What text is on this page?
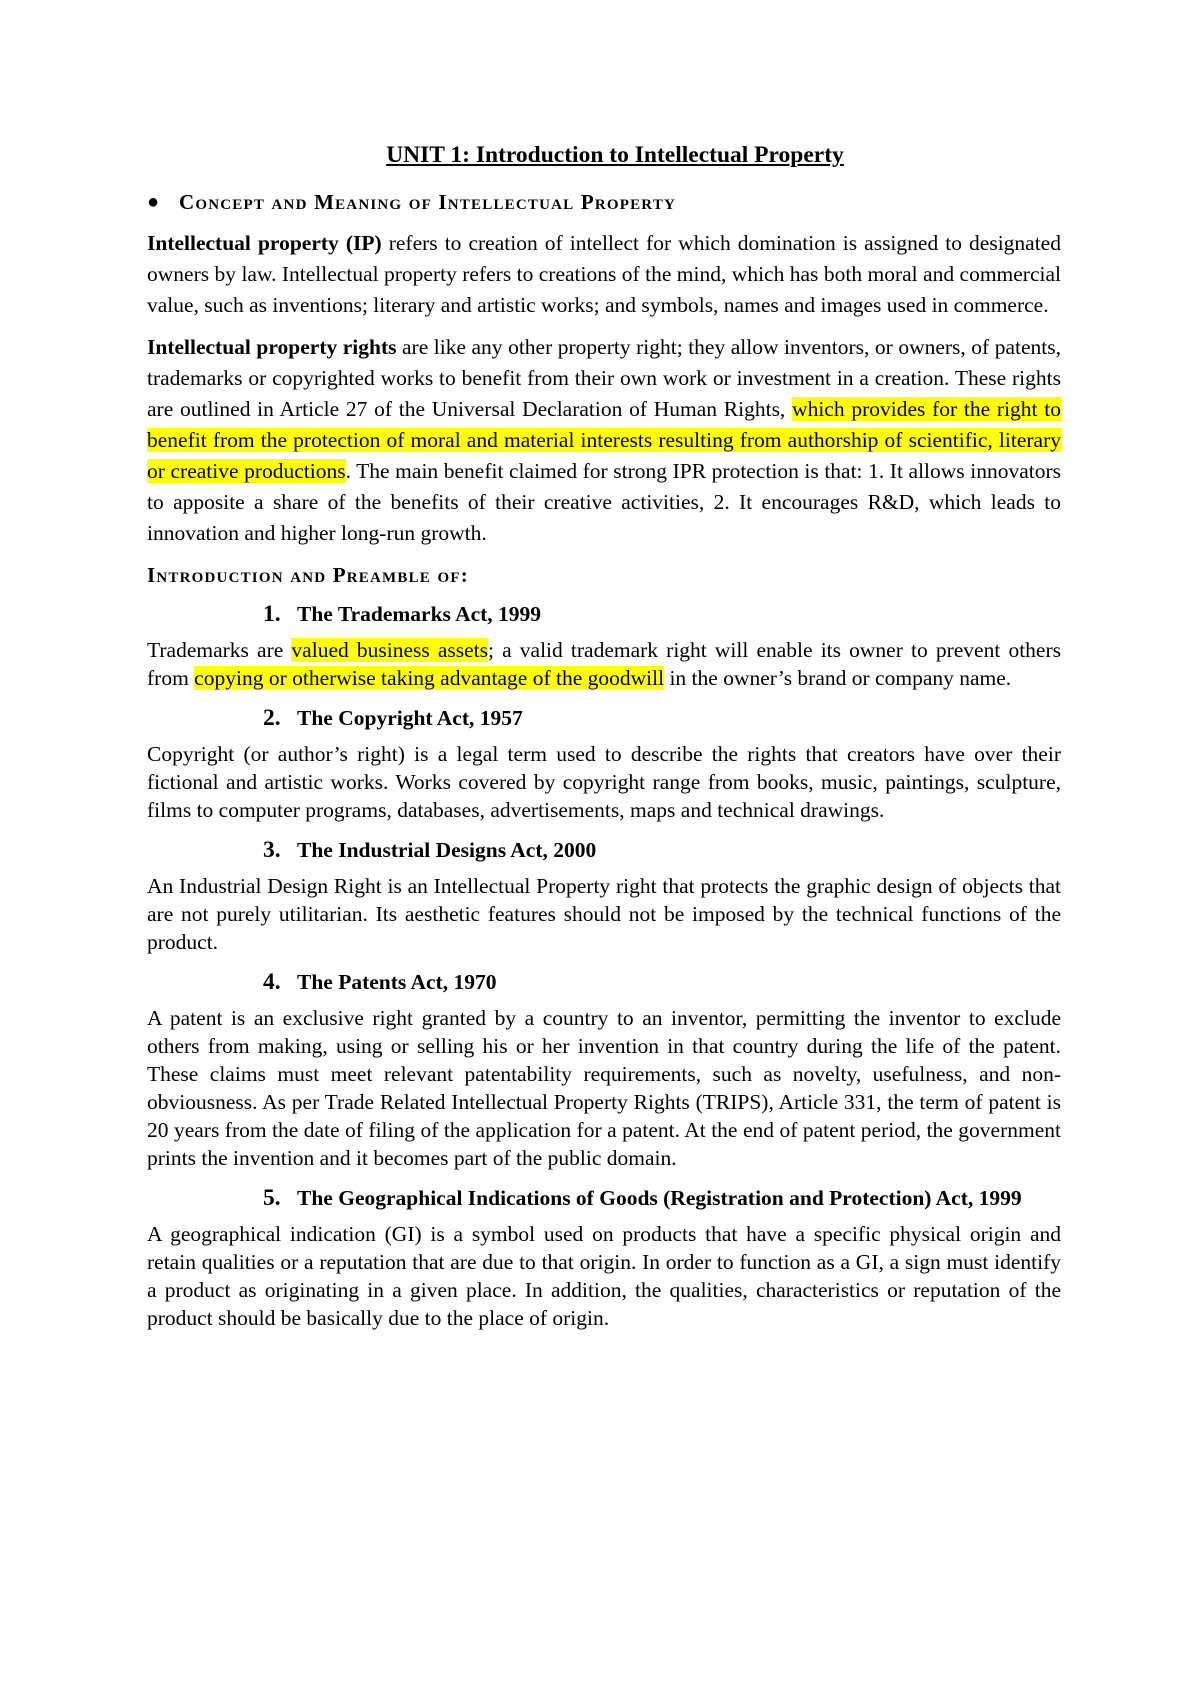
UNIT 1: Introduction to Intellectual Property
● Concept and Meaning of Intellectual Property

Intellectual property (IP) refers to creation of intellect for which domination is assigned to designated owners by law. Intellectual property refers to creations of the mind, which has both moral and commercial value, such as inventions; literary and artistic works; and symbols, names and images used in commerce.

Intellectual property rights are like any other property right; they allow inventors, or owners, of patents, trademarks or copyrighted works to benefit from their own work or investment in a creation. These rights are outlined in Article 27 of the Universal Declaration of Human Rights, which provides for the right to benefit from the protection of moral and material interests resulting from authorship of scientific, literary or creative productions. The main benefit claimed for strong IPR protection is that: 1. It allows innovators to apposite a share of the benefits of their creative activities, 2. It encourages R&D, which leads to innovation and higher long-run growth.

Introduction and Preamble of:
1. The Trademarks Act, 1999

Trademarks are valued business assets; a valid trademark right will enable its owner to prevent others from copying or otherwise taking advantage of the goodwill in the owner’s brand or company name.

2. The Copyright Act, 1957

Copyright (or author’s right) is a legal term used to describe the rights that creators have over their fictional and artistic works. Works covered by copyright range from books, music, paintings, sculpture, films to computer programs, databases, advertisements, maps and technical drawings.

3. The Industrial Designs Act, 2000

An Industrial Design Right is an Intellectual Property right that protects the graphic design of objects that are not purely utilitarian. Its aesthetic features should not be imposed by the technical functions of the product.

4. The Patents Act, 1970

A patent is an exclusive right granted by a country to an inventor, permitting the inventor to exclude others from making, using or selling his or her invention in that country during the life of the patent. These claims must meet relevant patentability requirements, such as novelty, usefulness, and non-obviousness. As per Trade Related Intellectual Property Rights (TRIPS), Article 331, the term of patent is 20 years from the date of filing of the application for a patent. At the end of patent period, the government prints the invention and it becomes part of the public domain.

5. The Geographical Indications of Goods (Registration and Protection) Act, 1999

A geographical indication (GI) is a symbol used on products that have a specific physical origin and retain qualities or a reputation that are due to that origin. In order to function as a GI, a sign must identify a product as originating in a given place. In addition, the qualities, characteristics or reputation of the product should be basically due to the place of origin.
